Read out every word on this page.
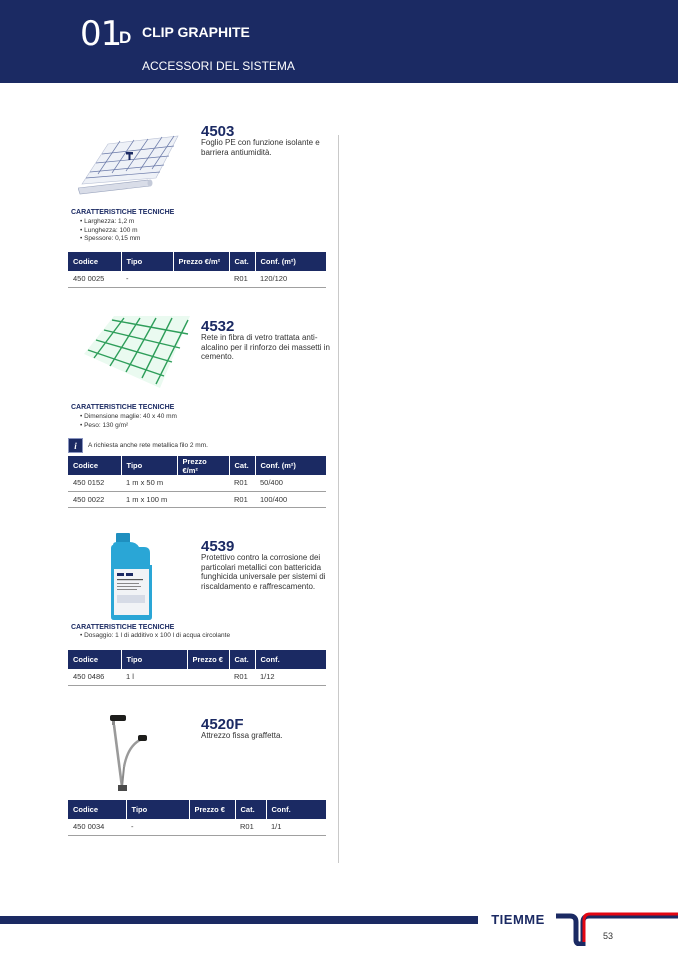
01
D CLIP GRAPHITE
ACCESSORI DEL SISTEMA
4503
Foglio PE con funzione isolante e barriera antiumidità.
CARATTERISTICHE TECNICHE
• Larghezza: 1,2 m
• Lunghezza: 100 m
• Spessore: 0,15 mm
Codice	Tipo	Prezzo €/m²	Cat.	Conf. (m²)
450 0025	-		R01	120/120
4532
Rete in fibra di vetro trattata anti-alcalino per il rinforzo dei massetti in cemento.
CARATTERISTICHE TECNICHE
• Dimensione maglie: 40 x 40 mm
• Peso: 130 g/m²
i	A richiesta anche rete metallica filo 2 mm.
Codice	Tipo	Prezzo €/m²	Cat.	Conf. (m²)
450 0152	1 m x 50 m		R01	50/400
450 0022	1 m x 100 m		R01	100/400
4539
Protettivo contro la corrosione dei particolari metallici con battericida funghicida universale per sistemi di riscaldamento e raffrescamento.
CARATTERISTICHE TECNICHE
• Dosaggio: 1 l di additivo x 100 l di acqua circolante
Codice	Tipo	Prezzo €	Cat.	Conf.
450 0486	1 l		R01	1/12
4520F
Attrezzo fissa graffetta.
Codice	Tipo	Prezzo €	Cat.	Conf.
450 0034	-		R01	1/1
TIEMME
53
